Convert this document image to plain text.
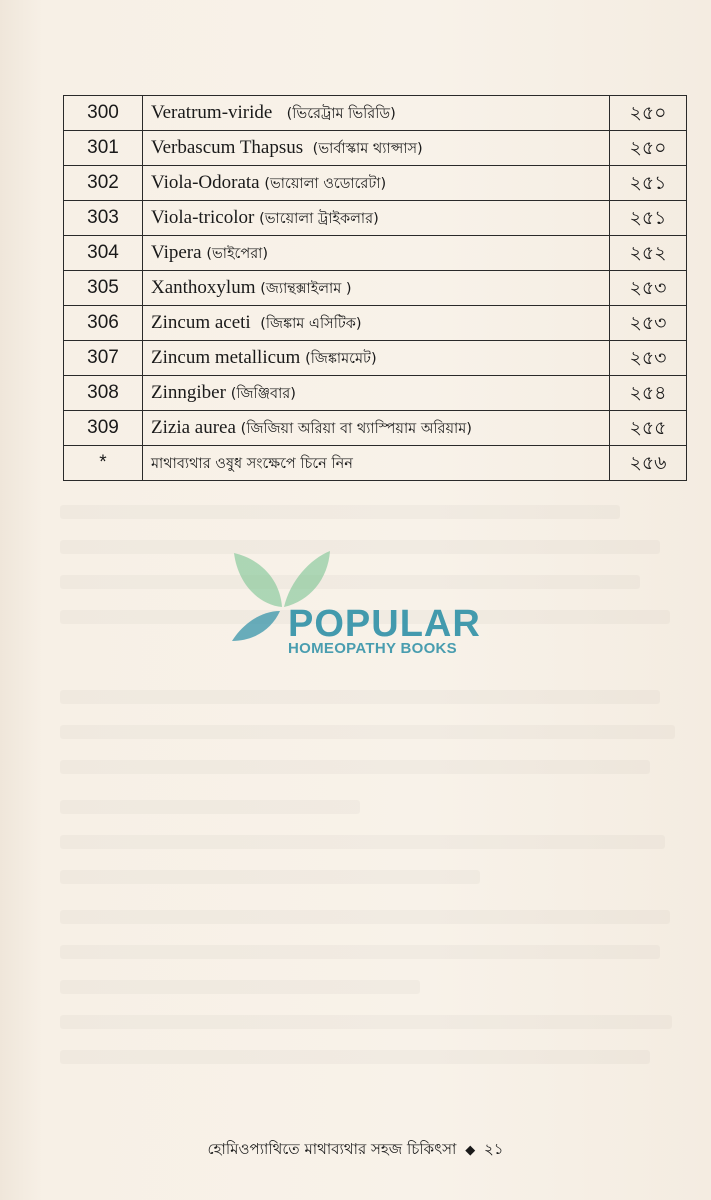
300	Veratrum-viride (ভিরেট্রাম ভিরিডি)	২৫০
301	Verbascum Thapsus (ভার্বাস্কাম থ্যাপ্সাস)	২৫০
302	Viola-Odorata (ভায়োলা ওডোরেটা)	২৫১
303	Viola-tricolor (ভায়োলা ট্রাইকলার)	২৫১
304	Vipera (ভাইপেরা)	২৫২
305	Xanthoxylum (জ্যান্থক্সাইলাম )	২৫৩
306	Zincum aceti (জিঙ্কাম এসিটিক)	২৫৩
307	Zincum metallicum (জিঙ্কামমেট)	২৫৩
308	Zinngiber (জিঞ্জিবার)	২৫৪
309	Zizia aurea (জিজিয়া অরিয়া বা থ্যাস্পিয়াম অরিয়াম)	২৫৫
*	মাথাব্যথার ওষুধ সংক্ষেপে চিনে নিন	২৫৬
POPULAR
HOMEOPATHY BOOKS
হোমিওপ্যাথিতে মাথাব্যথার সহজ চিকিৎসা ◆ ২১
